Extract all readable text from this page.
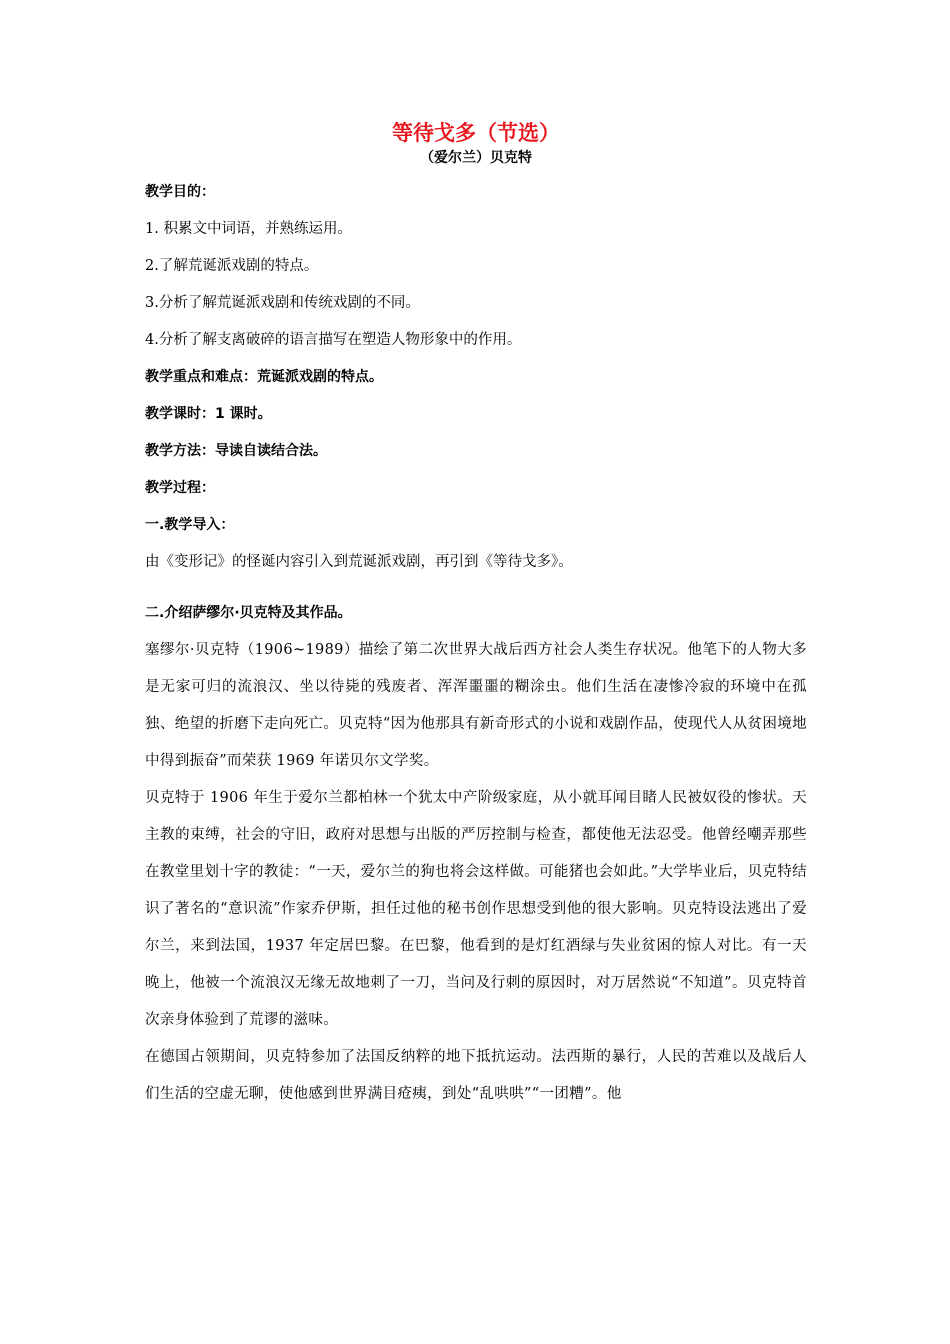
等待戈多（节选）
（爱尔兰）贝克特
教学目的：
1. 积累文中词语，并熟练运用。
2.了解荒诞派戏剧的特点。
3.分析了解荒诞派戏剧和传统戏剧的不同。
4.分析了解支离破碎的语言描写在塑造人物形象中的作用。
教学重点和难点：荒诞派戏剧的特点。
教学课时：1 课时。
教学方法：导读自读结合法。
教学过程：
一.教学导入：
由《变形记》的怪诞内容引入到荒诞派戏剧，再引到《等待戈多》。
二.介绍萨缪尔·贝克特及其作品。
塞缪尔·贝克特（1906~1989）描绘了第二次世界大战后西方社会人类生存状况。他笔下的人物大多是无家可归的流浪汉、坐以待毙的残废者、浑浑噩噩的糊涂虫。他们生活在凄惨冷寂的环境中在孤独、绝望的折磨下走向死亡。贝克特“因为他那具有新奇形式的小说和戏剧作品，使现代人从贫困境地中得到振奋”而荣获 1969 年诺贝尔文学奖。
贝克特于 1906 年生于爱尔兰都柏林一个犹太中产阶级家庭，从小就耳闻目睹人民被奴役的惨状。天主教的束缚，社会的守旧，政府对思想与出版的严厉控制与检查，都使他无法忍受。他曾经嘲弄那些在教堂里划十字的教徒：“一天，爱尔兰的狗也将会这样做。可能猪也会如此。”大学毕业后，贝克特结识了著名的“意识流”作家乔伊斯，担任过他的秘书创作思想受到他的很大影响。贝克特设法逃出了爱尔兰，来到法国，1937 年定居巴黎。在巴黎，他看到的是灯红酒绿与失业贫困的惊人对比。有一天晚上，他被一个流浪汉无缘无故地刺了一刀，当问及行刺的原因时，对万居然说“不知道”。贝克特首次亲身体验到了荒谬的滋味。
在德国占领期间，贝克特参加了法国反纳粹的地下抵抗运动。法西斯的暴行，人民的苦难以及战后人们生活的空虚无聊，使他感到世界满目疮痍，到处“乱哄哄”“一团糟”。他
